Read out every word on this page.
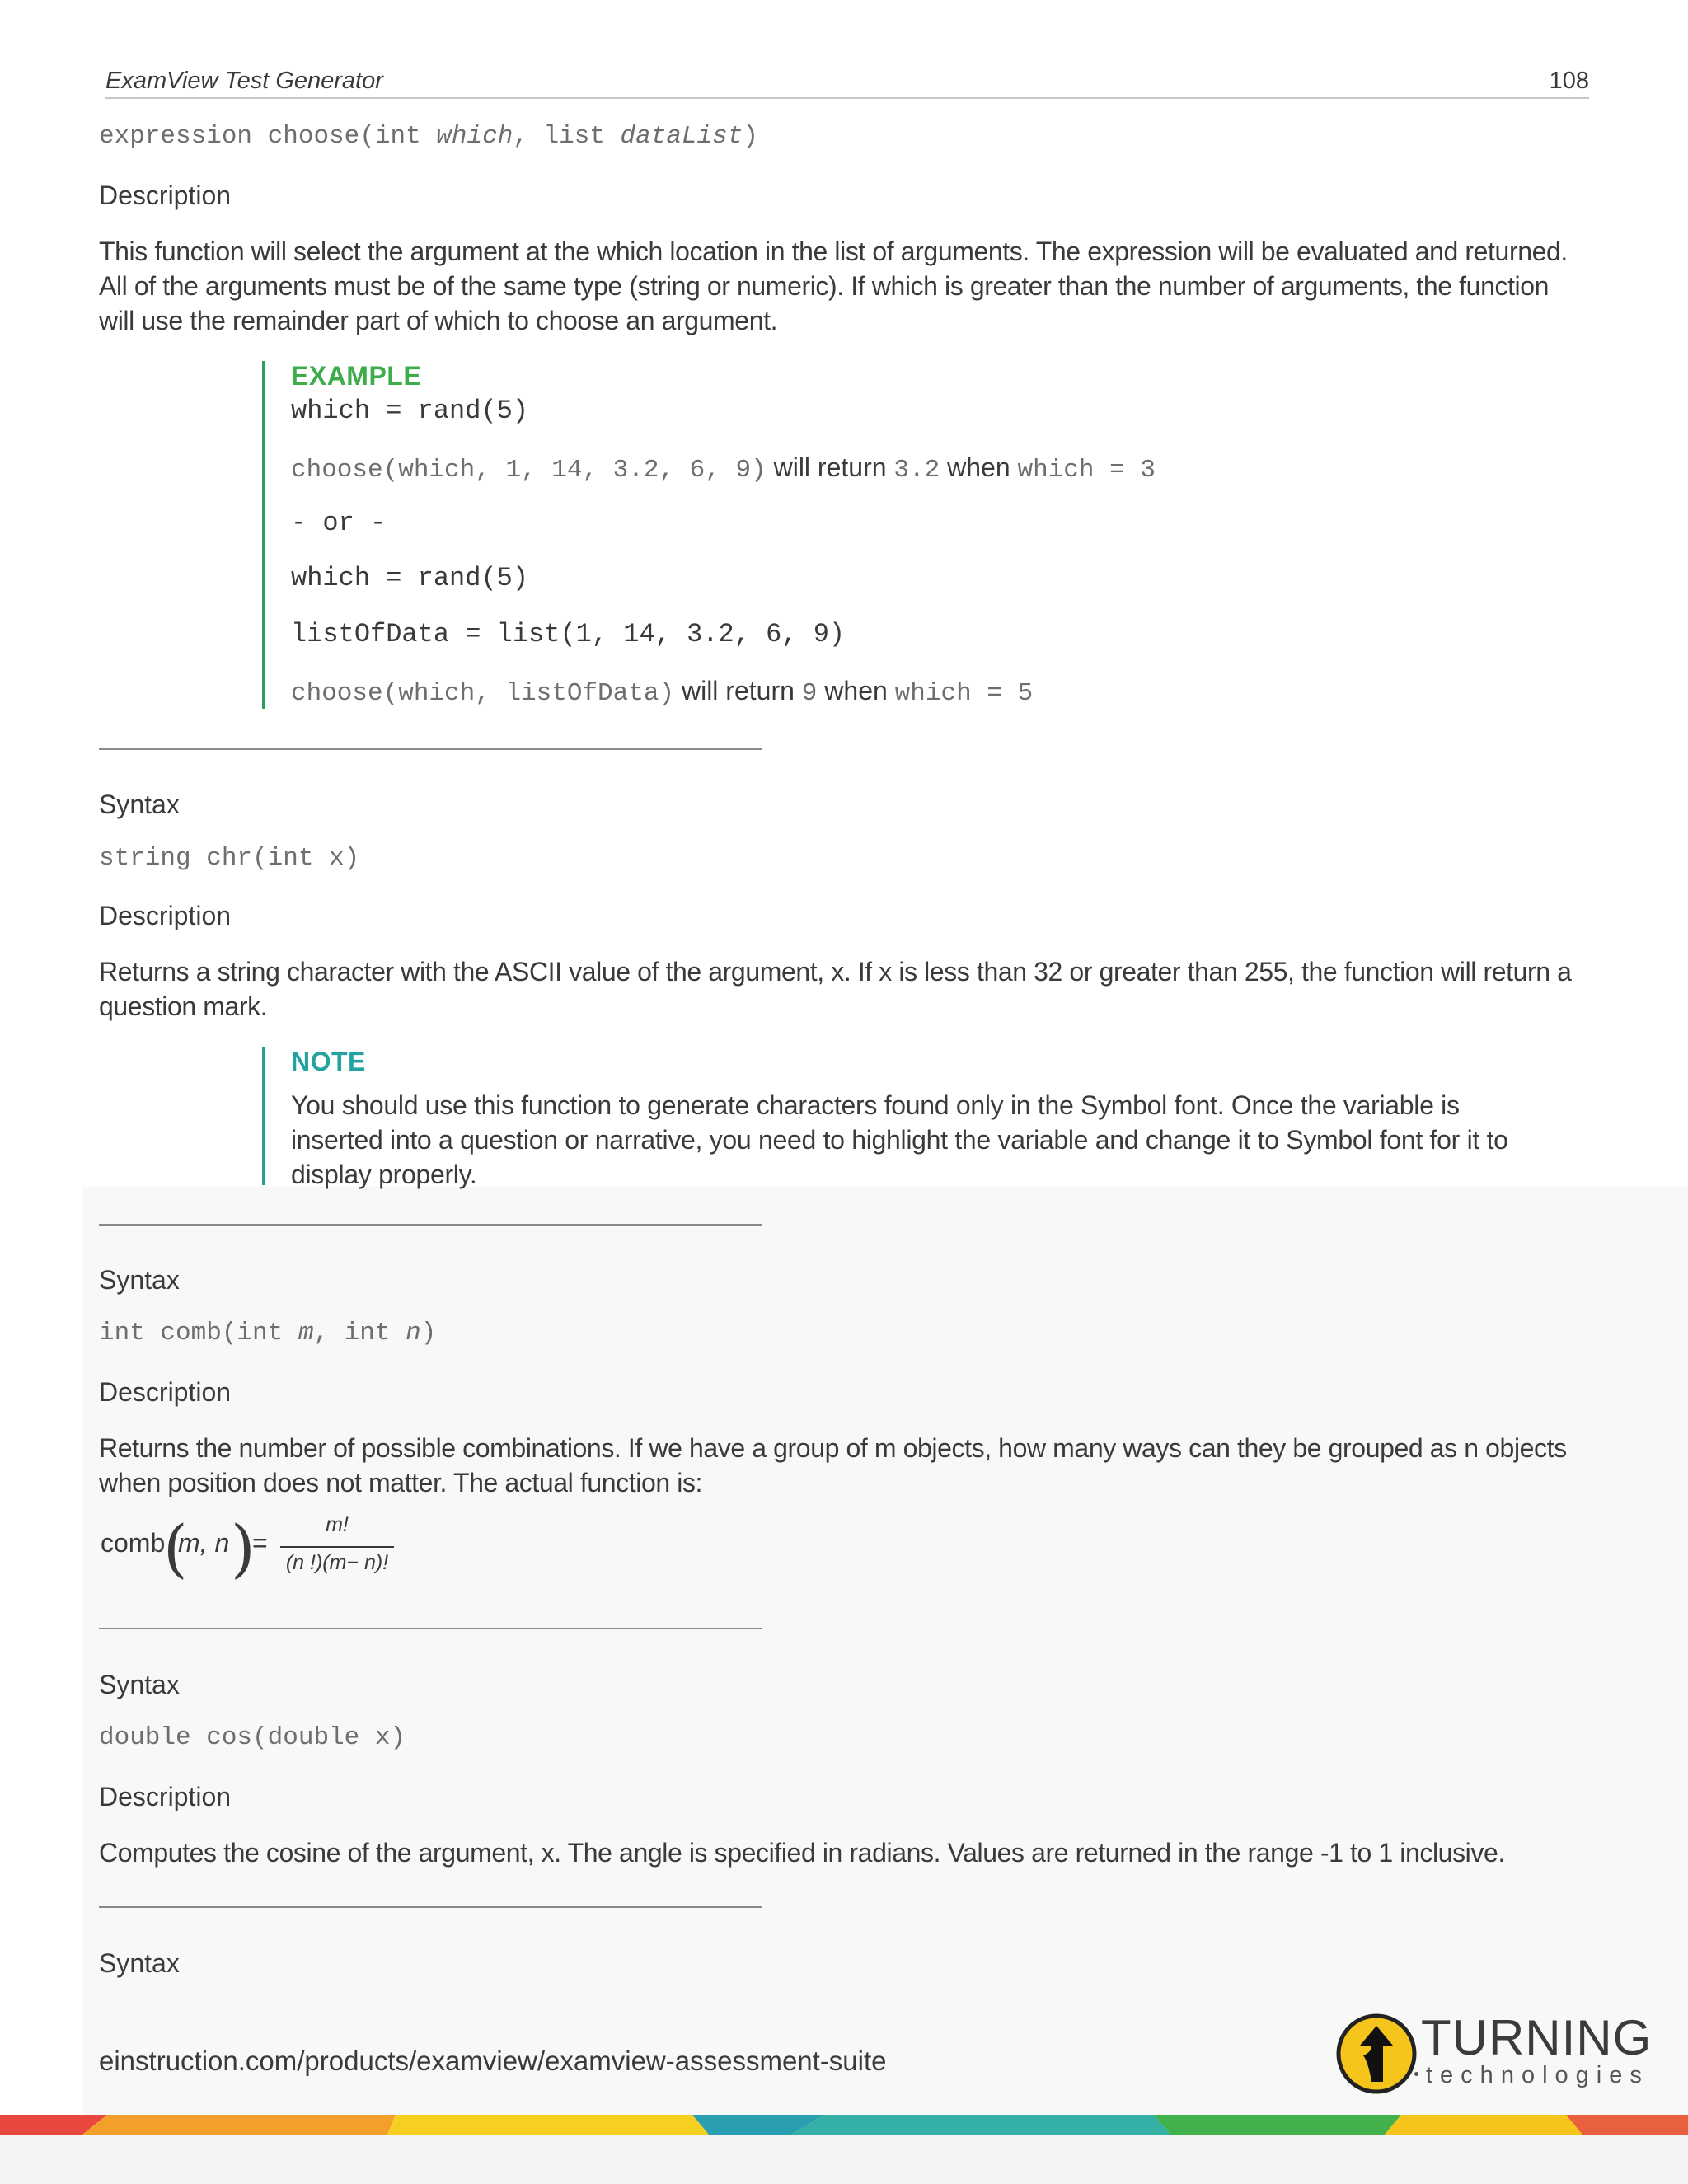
ExamView Test Generator	108
expression choose(int which, list dataList)
Description
This function will select the argument at the which location in the list of arguments. The expression will be evaluated and returned. All of the arguments must be of the same type (string or numeric). If which is greater than the number of arguments, the function will use the remainder part of which to choose an argument.
EXAMPLE
which = rand(5)
choose(which, 1, 14, 3.2, 6, 9) will return 3.2 when which = 3
- or -
which = rand(5)
listOfData = list(1, 14, 3.2, 6, 9)
choose(which, listOfData) will return 9 when which = 5
Syntax
string chr(int x)
Description
Returns a string character with the ASCII value of the argument, x. If x is less than 32 or greater than 255, the function will return a question mark.
NOTE
You should use this function to generate characters found only in the Symbol font. Once the variable is inserted into a question or narrative, you need to highlight the variable and change it to Symbol font for it to display properly.
Syntax
int comb(int m, int n)
Description
Returns the number of possible combinations. If we have a group of m objects, how many ways can they be grouped as n objects when position does not matter. The actual function is:
comb
(
m, n )
=
m!
(n !)(m− n)!
Syntax
double cos(double x)
Description
Computes the cosine of the argument, x. The angle is specified in radians. Values are returned in the range -1 to 1 inclusive.
Syntax
einstruction.com/products/examview/examview-assessment-suite	TURNING
technologies
